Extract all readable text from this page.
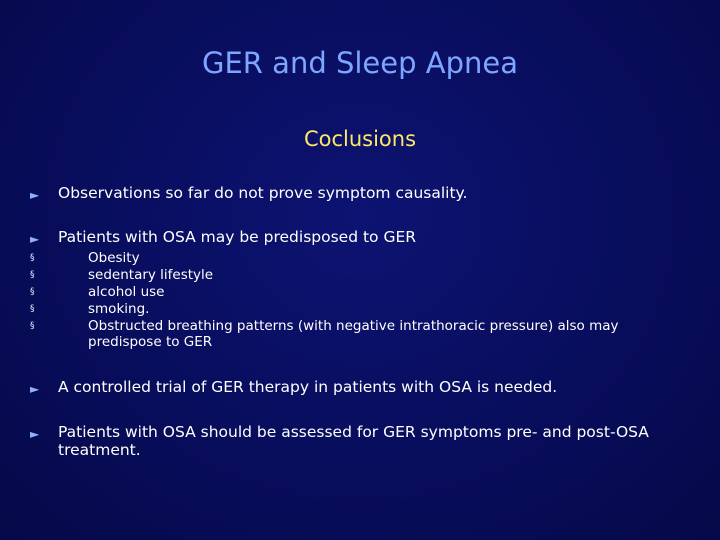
GER and Sleep Apnea
Coclusions
►	Observations so far do not prove symptom causality.
►	Patients with OSA may be predisposed to GER
►	A controlled trial of GER therapy in patients with OSA is needed.
►	Patients with OSA should be assessed for GER symptoms pre- and post-OSA treatment.
§	Obesity
§	sedentary lifestyle
§	alcohol use
§	smoking.
§	Obstructed breathing patterns (with negative intrathoracic pressure) also may predispose to GER
